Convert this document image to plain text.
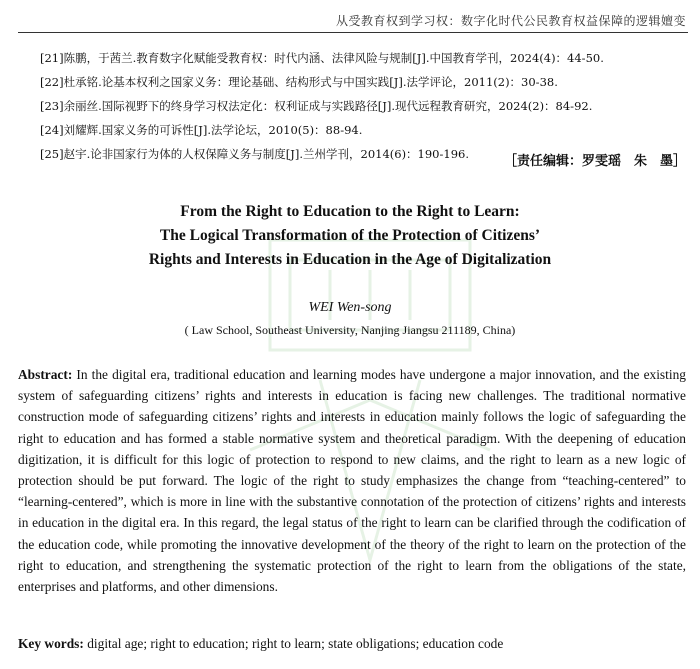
从受教育权到学习权：数字化时代公民教育权益保障的逻辑嬗变
[21]陈鹏，于茜兰.教育数字化赋能受教育权：时代内涵、法律风险与规制[J].中国教育学刊，2024(4)：44-50.
[22]杜承铭.论基本权利之国家义务：理论基础、结构形式与中国实践[J].法学评论，2011(2)：30-38.
[23]余丽丝.国际视野下的终身学习权法定化：权利证成与实践路径[J].现代远程教育研究，2024(2)：84-92.
[24]刘耀辉.国家义务的可诉性[J].法学论坛，2010(5)：88-94.
[25]赵宇.论非国家行为体的人权保障义务与制度[J].兰州学刊，2014(6)：190-196.	［责任编辑：罗雯瑶　朱　墨］
From the Right to Education to the Right to Learn:
The Logical Transformation of the Protection of Citizens’
Rights and Interests in Education in the Age of Digitalization
WEI Wen-song
( Law School, Southeast University, Nanjing Jiangsu 211189, China)
Abstract: In the digital era, traditional education and learning modes have undergone a major innovation, and the existing system of safeguarding citizens’ rights and interests in education is facing new challenges. The traditional normative construction mode of safeguarding citizens’ rights and interests in education mainly follows the logic of safeguarding the right to education and has formed a stable normative system and theoretical paradigm. With the deepening of education digitization, it is difficult for this logic of protection to respond to new claims, and the right to learn as a new logic of protection should be put forward. The logic of the right to study emphasizes the change from “teaching-centered” to “learning-centered”, which is more in line with the substantive connotation of the protection of citizens’ rights and interests in education in the digital era. In this regard, the legal status of the right to learn can be clarified through the codification of the education code, while promoting the innovative development of the theory of the right to learn on the protection of the right to education, and strengthening the systematic protection of the right to learn from the obligations of the state, enterprises and platforms, and other dimensions.
Key words: digital age; right to education; right to learn; state obligations; education code
